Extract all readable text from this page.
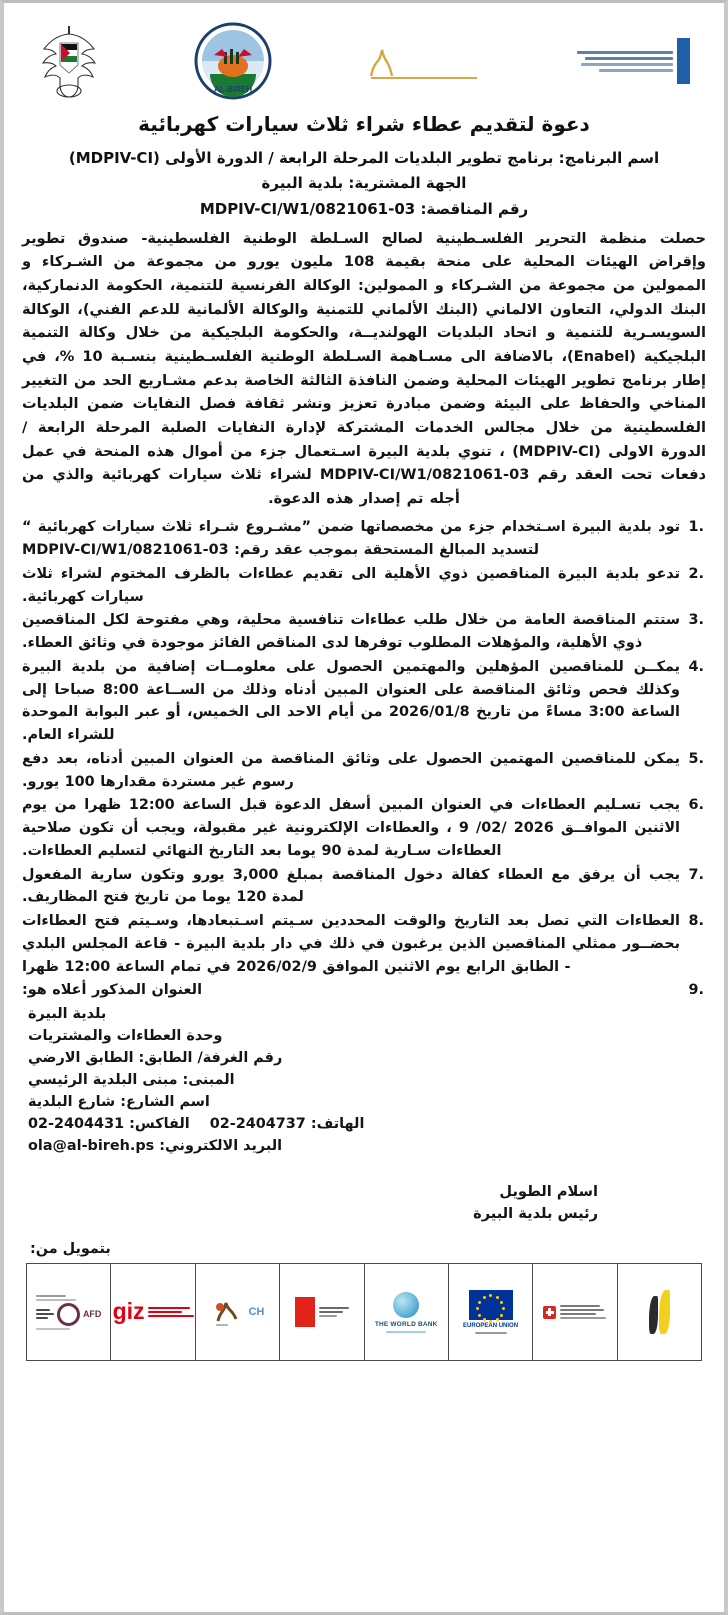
AL-BIREH
دعوة لتقديم عطاء شراء ثلاث سيارات كهربائية
اسم البرنامج: برنامج تطوير البلديات المرحلة الرابعة / الدورة الأولى (MDPIV-CI)
الجهة المشترية: بلدية البيرة
رقم المناقصة: MDPIV-CI/W1/0821061-03

حصلت منظمة التحرير الفلسـطينية لصالح السـلطة الوطنية الفلسطينية- صندوق تطوير وإقراض الهيئات المحلية على منحة بقيمة 108 مليون يورو من مجموعة من الشـركاء و الممولين من مجموعة من الشـركاء و الممولين: الوكالة الفرنسية للتنمية، الحكومة الدنماركية، البنك الدولي، التعاون الالماني (البنك الألماني للتمنية والوكالة الألمانية للدعم الفني)، الوكالة السويسـرية للتنمية و اتحاد البلديات الهولنديــة، والحكومة البلجيكية من خلال وكالة التنمية البلجيكية (Enabel)، بالاضافة الى مسـاهمة السـلطة الوطنية الفلسـطينية بنسـبة 10 %، في إطار برنامج تطوير الهيئات المحلية وضمن النافذة الثالثة الخاصة بدعم مشـاريع الحد من التغيير المناخي والحفاظ على البيئة وضمن مبادرة تعزيز ونشر ثقافة فصل النفايات ضمن البلديات الفلسطينية من خلال مجالس الخدمات المشتركة لإدارة النفايات الصلبة المرحلة الرابعة / الدورة الاولى (MDPIV-CI) ، تنوي بلدية البيرة اسـتعمال جزء من أموال هذه المنحة في عمل دفعات تحت العقد رقم MDPIV-CI/W1/0821061-03 لشراء ثلاث سيارات كهربائية والذي من أجله تم إصدار هذه الدعوة.

تود بلدية البيرة اسـتخدام جزء من مخصصاتها ضمن ”مشـروع شـراء ثلاث سيارات كهربائية “ لتسديد المبالغ المستحقة بموجب عقد رقم: MDPIV-CI/W1/0821061-03
تدعو بلدية البيرة المناقصين ذوي الأهلية الى تقديم عطاءات بالظرف المختوم لشراء ثلاث سيارات كهربائية.
ستتم المناقصة العامة من خلال طلب عطاءات تنافسية محلية، وهي مفتوحة لكل المناقصين ذوي الأهلية، والمؤهلات المطلوب توفرها لدى المناقص الفائز موجودة في وثائق العطاء.
يمكــن للمناقصين المؤهلين والمهتمين الحصول على معلومــات إضافية من بلدية البيرة وكذلك فحص وثائق المناقصة على العنوان المبين أدناه وذلك من الســاعة 8:00 صباحا إلى الساعة 3:00 مساءً من تاريخ 2026/01/8 من أيام الاحد الى الخميس، أو عبر البوابة الموحدة للشراء العام.
يمكن للمناقصين المهتمين الحصول على وثائق المناقصة من العنوان المبين أدناه، بعد دفع رسوم غير مستردة مقدارها 100 يورو.
يجب تسـليم العطاءات في العنوان المبين أسفل الدعوة قبل الساعة 12:00 ظهرا من يوم الاثنين الموافــق 2026 /02/ 9 ، والعطاءات الإلكترونية غير مقبولة، ويجب أن تكون صلاحية العطاءات سـارية لمدة 90 يوما بعد التاريخ النهائي لتسليم العطاءات.
يجب أن يرفق مع العطاء كفالة دخول المناقصة بمبلغ 3,000 يورو وتكون سارية المفعول لمدة 120 يوما من تاريخ فتح المظاريف.
العطاءات التي تصل بعد التاريخ والوقت المحددين سـيتم اسـتبعادها، وسـيتم فتح العطاءات بحضــور ممثلي المناقصين الذين يرغبون في ذلك في دار بلدية البيرة - قاعة المجلس البلدي - الطابق الرابع يوم الاثنين الموافق 2026/02/9 في تمام الساعة 12:00 ظهرا
العنوان المذكور أعلاه هو:
بلدية البيرة
وحدة العطاءات والمشتريات
رقم الغرفة/ الطابق: الطابق الارضي
المبنى: مبنى البلدية الرئيسي
اسم الشارع: شارع البلدية
الهاتف: 02-2404737    الفاكس: 02-2404431
البريد الالكتروني: ola@al-bireh.ps
اسلام الطويل
رئيس بلدية البيرة
بتمويل من:
AFD giz	CH
THE WORLD BANK	EUROPEAN UNION
